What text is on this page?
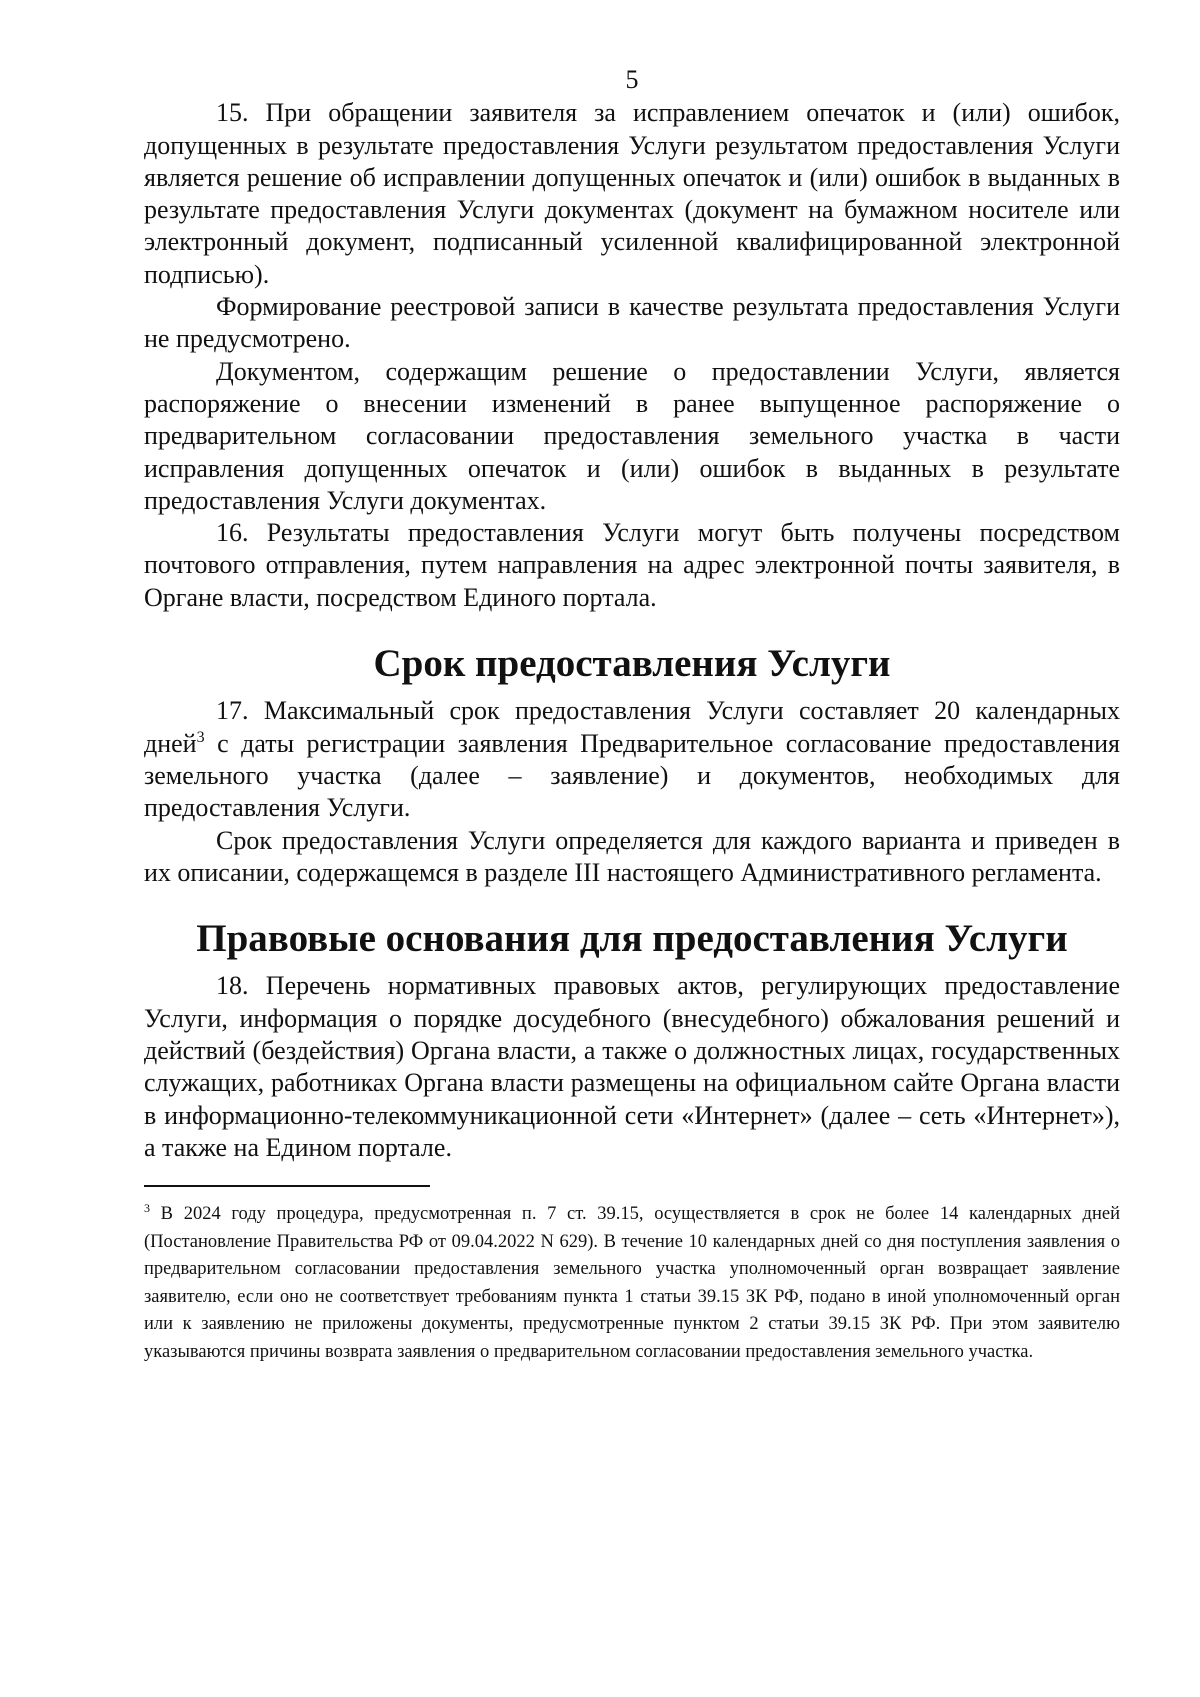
5

15. При обращении заявителя за исправлением опечаток и (или) ошибок, допущенных в результате предоставления Услуги результатом предоставления Услуги является решение об исправлении допущенных опечаток и (или) ошибок в выданных в результате предоставления Услуги документах (документ на бумажном носителе или электронный документ, подписанный усиленной квалифицированной электронной подписью).

Формирование реестровой записи в качестве результата предоставления Услуги не предусмотрено.

Документом, содержащим решение о предоставлении Услуги, является распоряжение о внесении изменений в ранее выпущенное распоряжение о предварительном согласовании предоставления земельного участка в части исправления допущенных опечаток и (или) ошибок в выданных в результате предоставления Услуги документах.

16. Результаты предоставления Услуги могут быть получены посредством почтового отправления, путем направления на адрес электронной почты заявителя, в Органе власти, посредством Единого портала.

Срок предоставления Услуги

17. Максимальный срок предоставления Услуги составляет 20 календарных дней$^3$ с даты регистрации заявления Предварительное согласование предоставления земельного участка (далее – заявление) и документов, необходимых для предоставления Услуги.

Срок предоставления Услуги определяется для каждого варианта и приведен в их описании, содержащемся в разделе III настоящего Административного регламента.

Правовые основания для предоставления Услуги

18. Перечень нормативных правовых актов, регулирующих предоставление Услуги, информация о порядке досудебного (внесудебного) обжалования решений и действий (бездействия) Органа власти, а также о должностных лицах, государственных служащих, работниках Органа власти размещены на официальном сайте Органа власти в информационно-телекоммуникационной сети «Интернет» (далее – сеть «Интернет»), а также на Едином портале.

$^3$ В 2024 году процедура, предусмотренная п. 7 ст. 39.15, осуществляется в срок не более 14 календарных дней (Постановление Правительства РФ от 09.04.2022 N 629). В течение 10 календарных дней со дня поступления заявления о предварительном согласовании предоставления земельного участка уполномоченный орган возвращает заявление заявителю, если оно не соответствует требованиям пункта 1 статьи 39.15 ЗК РФ, подано в иной уполномоченный орган или к заявлению не приложены документы, предусмотренные пунктом 2 статьи 39.15 ЗК РФ. При этом заявителю указываются причины возврата заявления о предварительном согласовании предоставления земельного участка.
